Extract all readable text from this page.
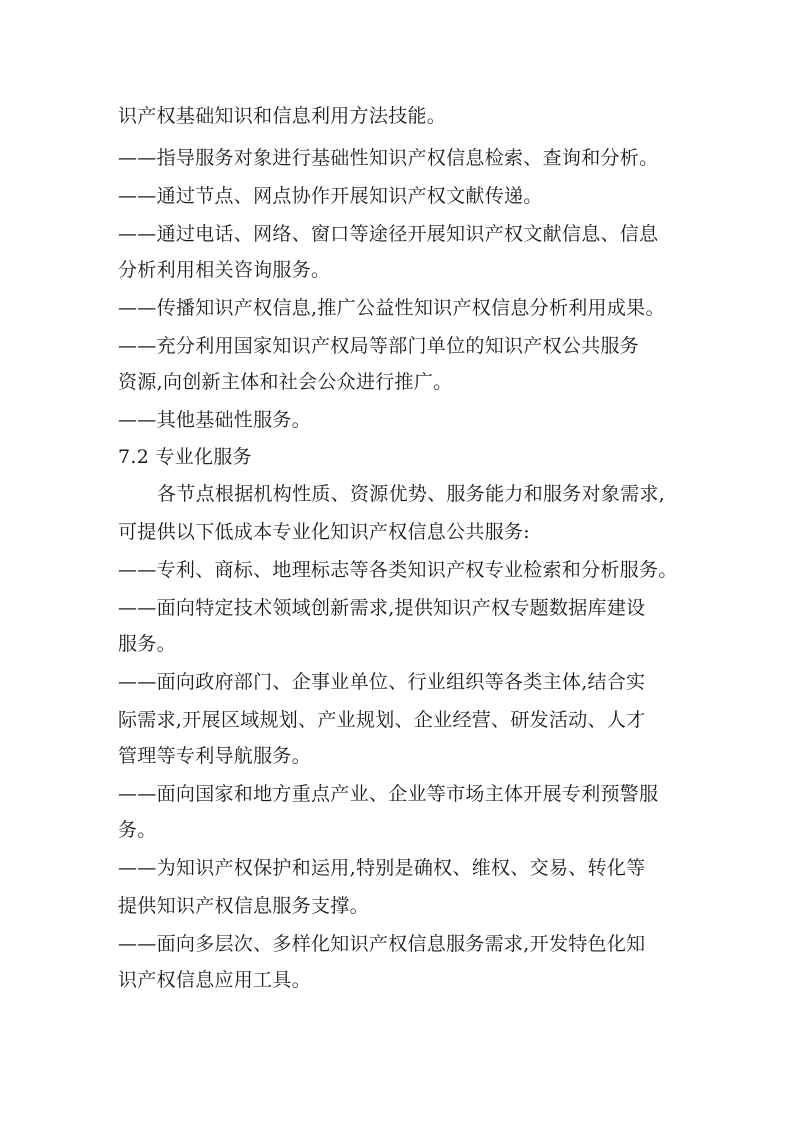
识产权基础知识和信息利用方法技能。
——指导服务对象进行基础性知识产权信息检索、查询和分析。
——通过节点、网点协作开展知识产权文献传递。
——通过电话、网络、窗口等途径开展知识产权文献信息、信息
分析利用相关咨询服务。
——传播知识产权信息,推广公益性知识产权信息分析利用成果。
——充分利用国家知识产权局等部门单位的知识产权公共服务
资源,向创新主体和社会公众进行推广。
——其他基础性服务。
7.2 专业化服务
各节点根据机构性质、资源优势、服务能力和服务对象需求,
可提供以下低成本专业化知识产权信息公共服务:
——专利、商标、地理标志等各类知识产权专业检索和分析服务。
——面向特定技术领域创新需求,提供知识产权专题数据库建设
服务。
——面向政府部门、企事业单位、行业组织等各类主体,结合实
际需求,开展区域规划、产业规划、企业经营、研发活动、人才
管理等专利导航服务。
——面向国家和地方重点产业、企业等市场主体开展专利预警服
务。
——为知识产权保护和运用,特别是确权、维权、交易、转化等
提供知识产权信息服务支撑。
——面向多层次、多样化知识产权信息服务需求,开发特色化知
识产权信息应用工具。
